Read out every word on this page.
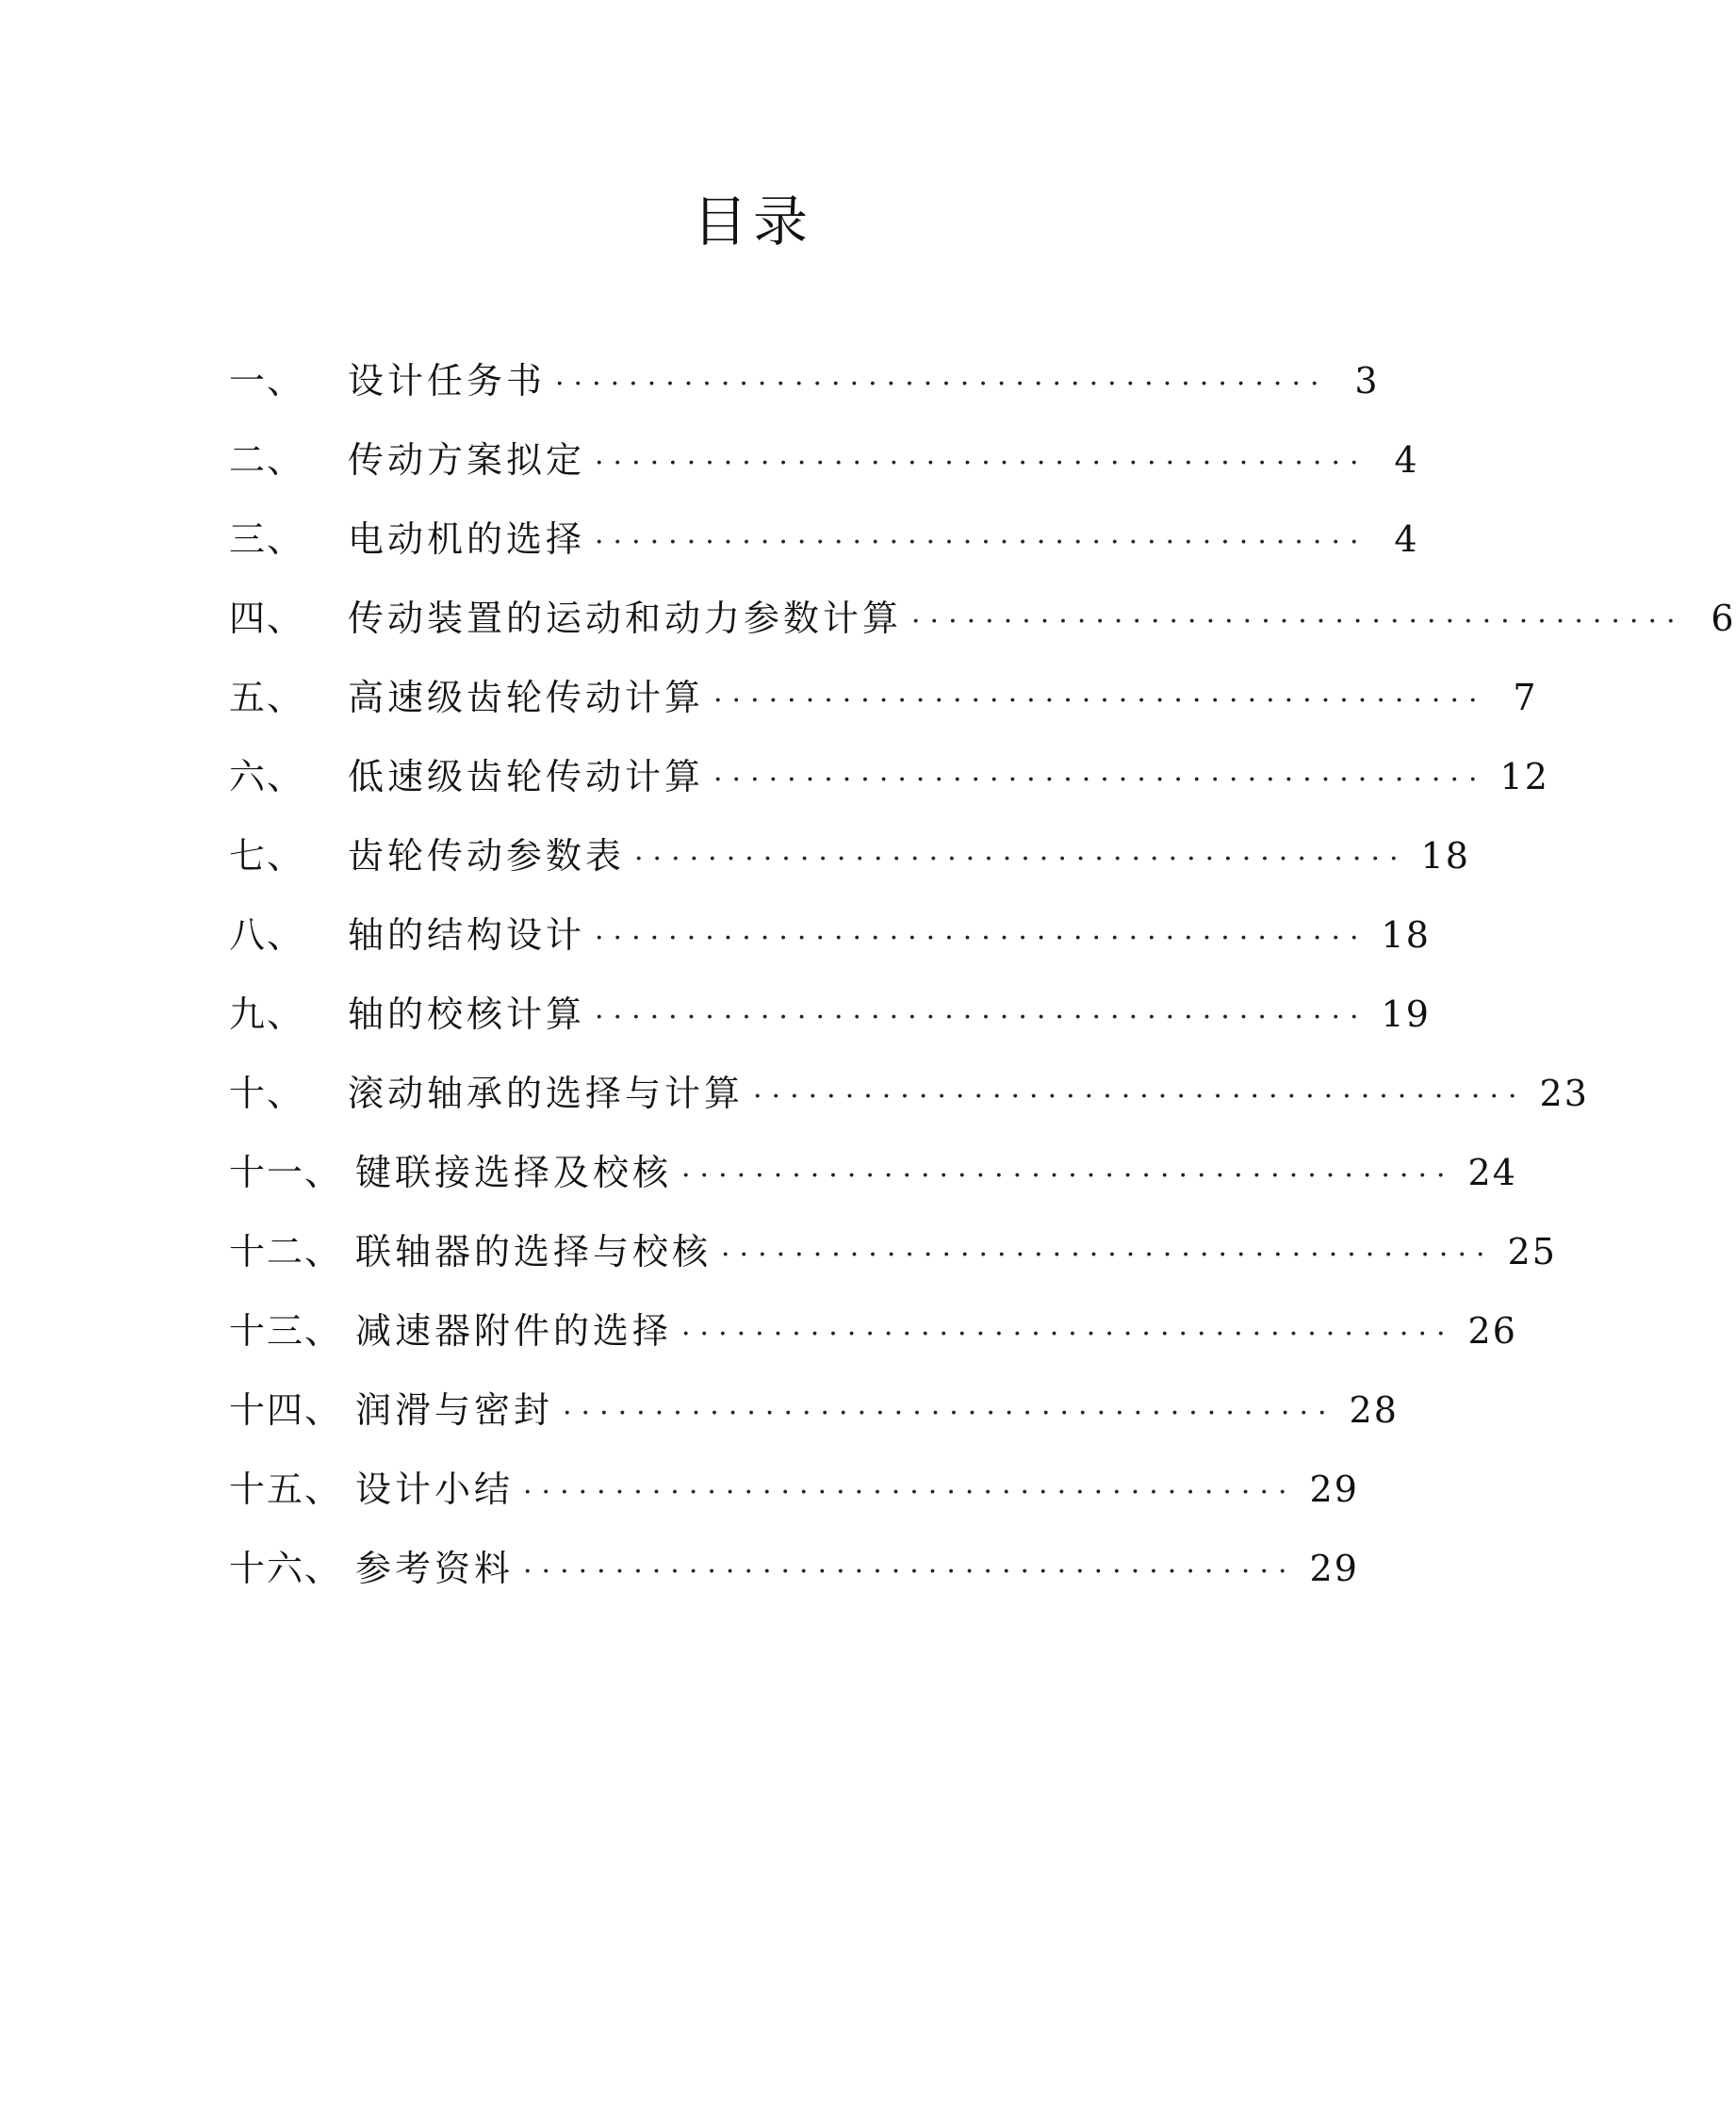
目录
一、	设计任务书 ·········································· 3
二、	传动方案拟定 ·········································· 4
三、	电动机的选择 ·········································· 4
四、	传动装置的运动和动力参数计算 ·········································· 6
五、	高速级齿轮传动计算 ·········································· 7
六、	低速级齿轮传动计算 ·········································· 12
七、	齿轮传动参数表 ·········································· 18
八、	轴的结构设计 ·········································· 18
九、	轴的校核计算 ·········································· 19
十、	滚动轴承的选择与计算 ·········································· 23
十一、 键联接选择及校核 ·········································· 24
十二、 联轴器的选择与校核 ·········································· 25
十三、 减速器附件的选择 ·········································· 26
十四、 润滑与密封 ·········································· 28
十五、 设计小结 ·········································· 29
十六、 参考资料 ·········································· 29
